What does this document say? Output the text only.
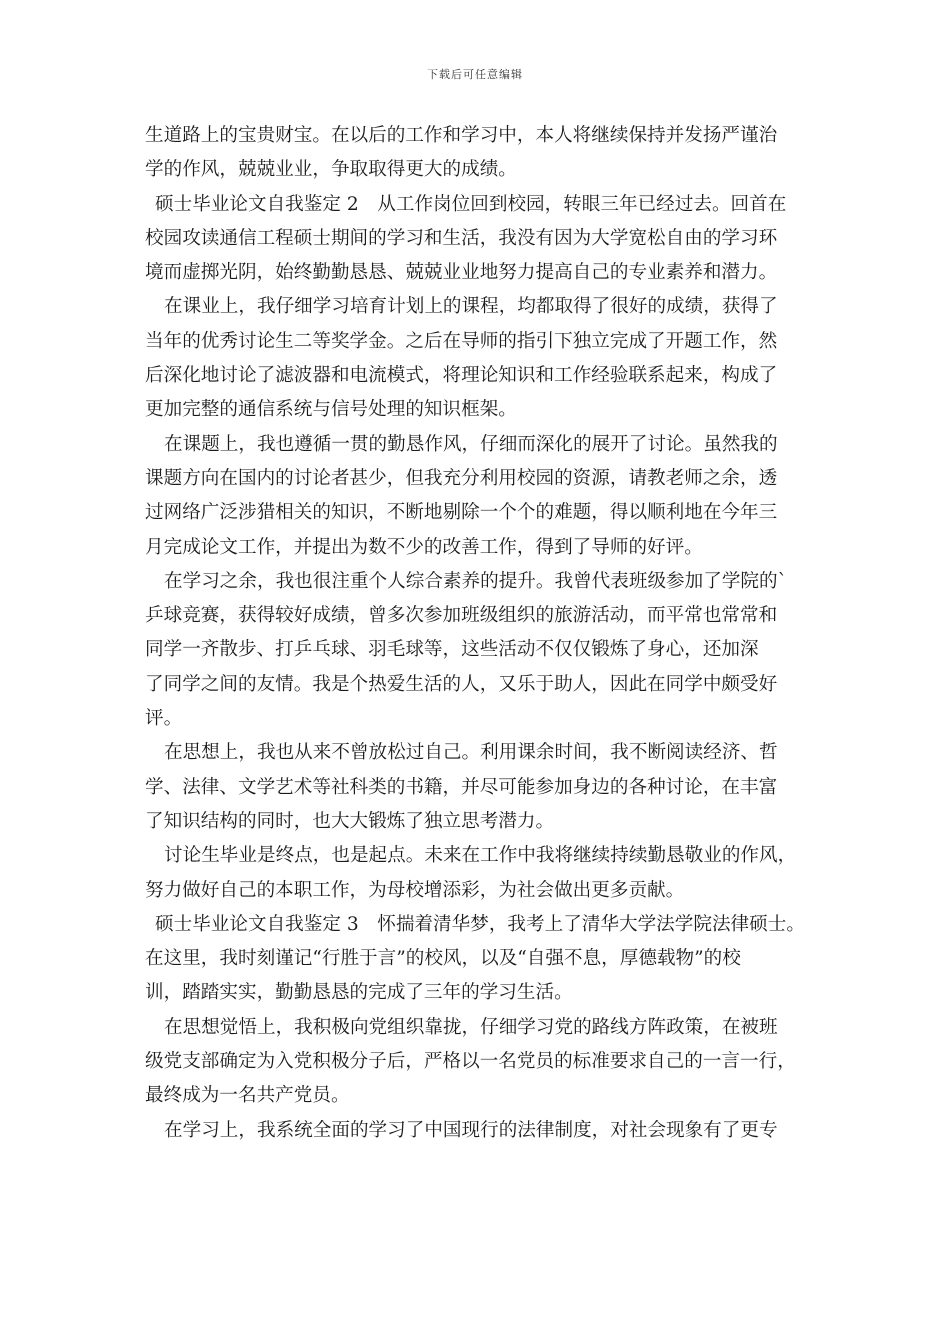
下载后可任意编辑
生道路上的宝贵财宝。在以后的工作和学习中，本人将继续保持并发扬严谨治
学的作风，兢兢业业，争取取得更大的成绩。
硕士毕业论文自我鉴定 2　从工作岗位回到校园，转眼三年已经过去。回首在
校园攻读通信工程硕士期间的学习和生活，我没有因为大学宽松自由的学习环
境而虚掷光阴，始终勤勤恳恳、兢兢业业地努力提高自己的专业素养和潜力。
在课业上，我仔细学习培育计划上的课程，均都取得了很好的成绩，获得了
当年的优秀讨论生二等奖学金。之后在导师的指引下独立完成了开题工作，然
后深化地讨论了滤波器和电流模式，将理论知识和工作经验联系起来，构成了
更加完整的通信系统与信号处理的知识框架。
在课题上，我也遵循一贯的勤恳作风，仔细而深化的展开了讨论。虽然我的
课题方向在国内的讨论者甚少，但我充分利用校园的资源，请教老师之余，透
过网络广泛涉猎相关的知识，不断地剔除一个个的难题，得以顺利地在今年三
月完成论文工作，并提出为数不少的改善工作，得到了导师的好评。
在学习之余，我也很注重个人综合素养的提升。我曾代表班级参加了学院的`
乒球竞赛，获得较好成绩，曾多次参加班级组织的旅游活动，而平常也常常和
同学一齐散步、打乒乓球、羽毛球等，这些活动不仅仅锻炼了身心，还加深
了同学之间的友情。我是个热爱生活的人，又乐于助人，因此在同学中颇受好
评。
在思想上，我也从来不曾放松过自己。利用课余时间，我不断阅读经济、哲
学、法律、文学艺术等社科类的书籍，并尽可能参加身边的各种讨论，在丰富
了知识结构的同时，也大大锻炼了独立思考潜力。
讨论生毕业是终点，也是起点。未来在工作中我将继续持续勤恳敬业的作风，
努力做好自己的本职工作，为母校增添彩，为社会做出更多贡献。
硕士毕业论文自我鉴定 3　怀揣着清华梦，我考上了清华大学法学院法律硕士。
在这里，我时刻谨记“行胜于言”的校风，以及“自强不息，厚德载物”的校
训，踏踏实实，勤勤恳恳的完成了三年的学习生活。
在思想觉悟上，我积极向党组织靠拢，仔细学习党的路线方阵政策，在被班
级党支部确定为入党积极分子后，严格以一名党员的标准要求自己的一言一行，
最终成为一名共产党员。
在学习上，我系统全面的学习了中国现行的法律制度，对社会现象有了更专
